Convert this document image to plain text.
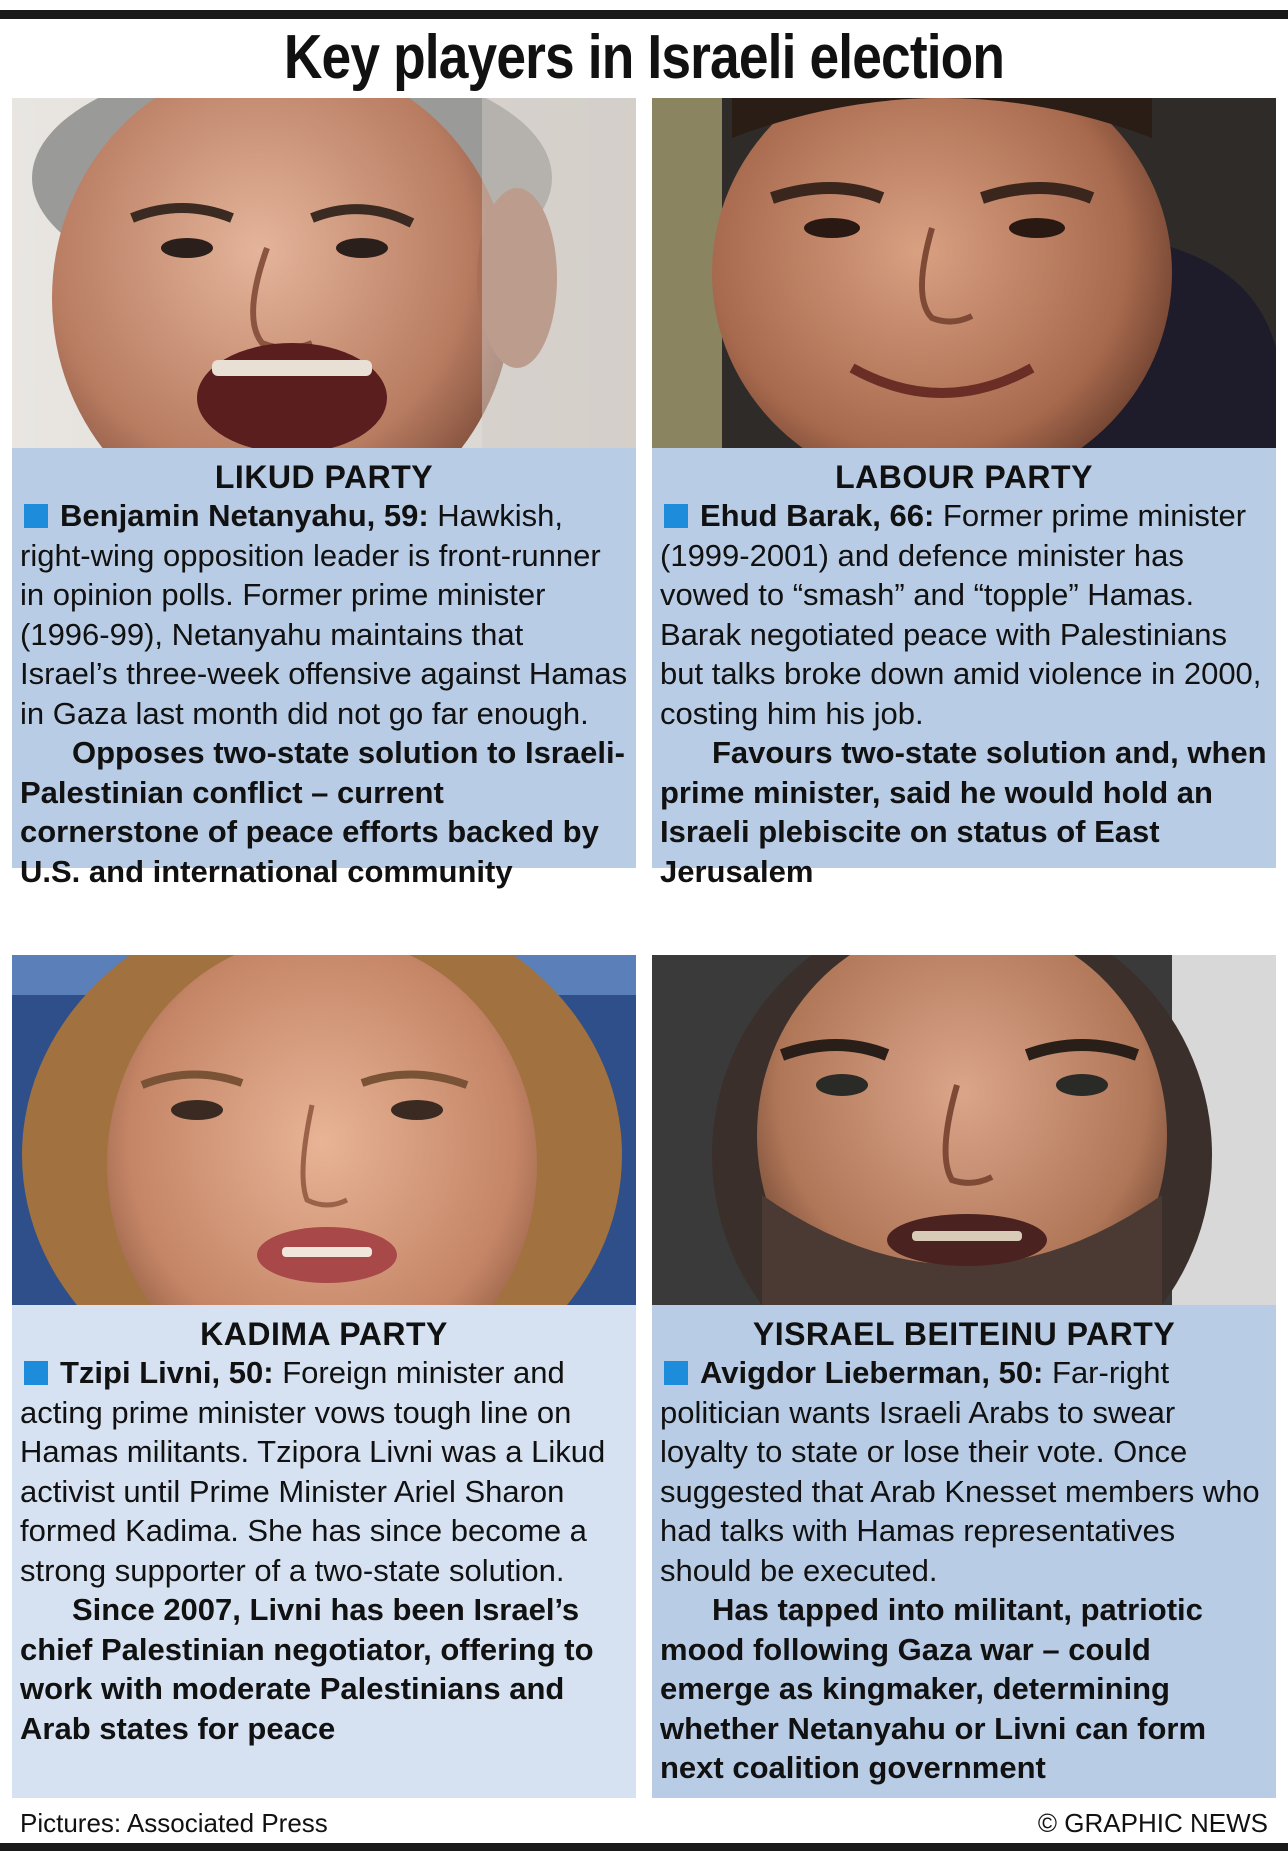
Key players in Israeli election
LIKUD PARTY
Benjamin Netanyahu, 59: Hawkish, right-wing opposition leader is front-runner in opinion polls. Former prime minister (1996-99), Netanyahu maintains that Israel’s three-week offensive against Hamas in Gaza last month did not go far enough.
Opposes two-state solution to Israeli-Palestinian conflict – current cornerstone of peace efforts backed by U.S. and international community
LABOUR PARTY
Ehud Barak, 66: Former prime minister (1999-2001) and defence minister has vowed to “smash” and “topple” Hamas. Barak negotiated peace with Palestinians but talks broke down amid violence in 2000, costing him his job.
Favours two-state solution and, when prime minister, said he would hold an Israeli plebiscite on status of East Jerusalem
KADIMA PARTY
Tzipi Livni, 50: Foreign minister and acting prime minister vows tough line on Hamas militants. Tzipora Livni was a Likud activist until Prime Minister Ariel Sharon formed Kadima. She has since become a strong supporter of a two-state solution.
Since 2007, Livni has been Israel’s chief Palestinian negotiator, offering to work with moderate Palestinians and Arab states for peace
YISRAEL BEITEINU PARTY
Avigdor Lieberman, 50: Far-right politician wants Israeli Arabs to swear loyalty to state or lose their vote. Once suggested that Arab Knesset members who had talks with Hamas representatives should be executed.
Has tapped into militant, patriotic mood following Gaza war – could emerge as kingmaker, determining whether Netanyahu or Livni can form next coalition government
Pictures: Associated Press	© GRAPHIC NEWS
